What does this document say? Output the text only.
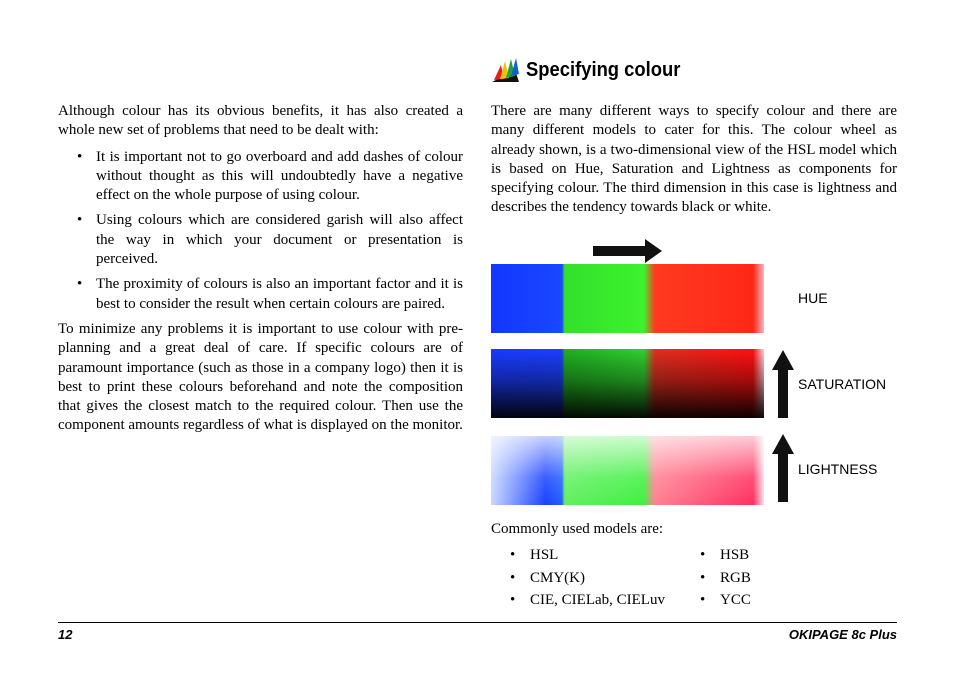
Specifying colour

Although colour has its obvious benefits, it has also created a whole new set of problems that need to be dealt with:

• It is important not to go overboard and add dashes of colour without thought as this will undoubtedly have a negative effect on the whole purpose of using colour.
• Using colours which are considered garish will also affect the way in which your document or presentation is perceived.
• The proximity of colours is also an important factor and it is best to consider the result when certain colours are paired.

To minimize any problems it is important to use colour with pre-planning and a great deal of care. If specific colours are of paramount importance (such as those in a company logo) then it is best to print these colours beforehand and note the composition that gives the closest match to the required colour. Then use the component amounts regardless of what is displayed on the monitor.

There are many different ways to specify colour and there are many different models to cater for this. The colour wheel as already shown, is a two-dimensional view of the HSL model which is based on Hue, Saturation and Lightness as components for specifying colour. The third dimension in this case is lightness and describes the tendency towards black or white.

HUE
SATURATION
LIGHTNESS
Commonly used models are:
• HSL
• CMY(K)
• CIE, CIELab, CIELuv
• HSB
• RGB
• YCC
12	OKIPAGE 8c Plus
